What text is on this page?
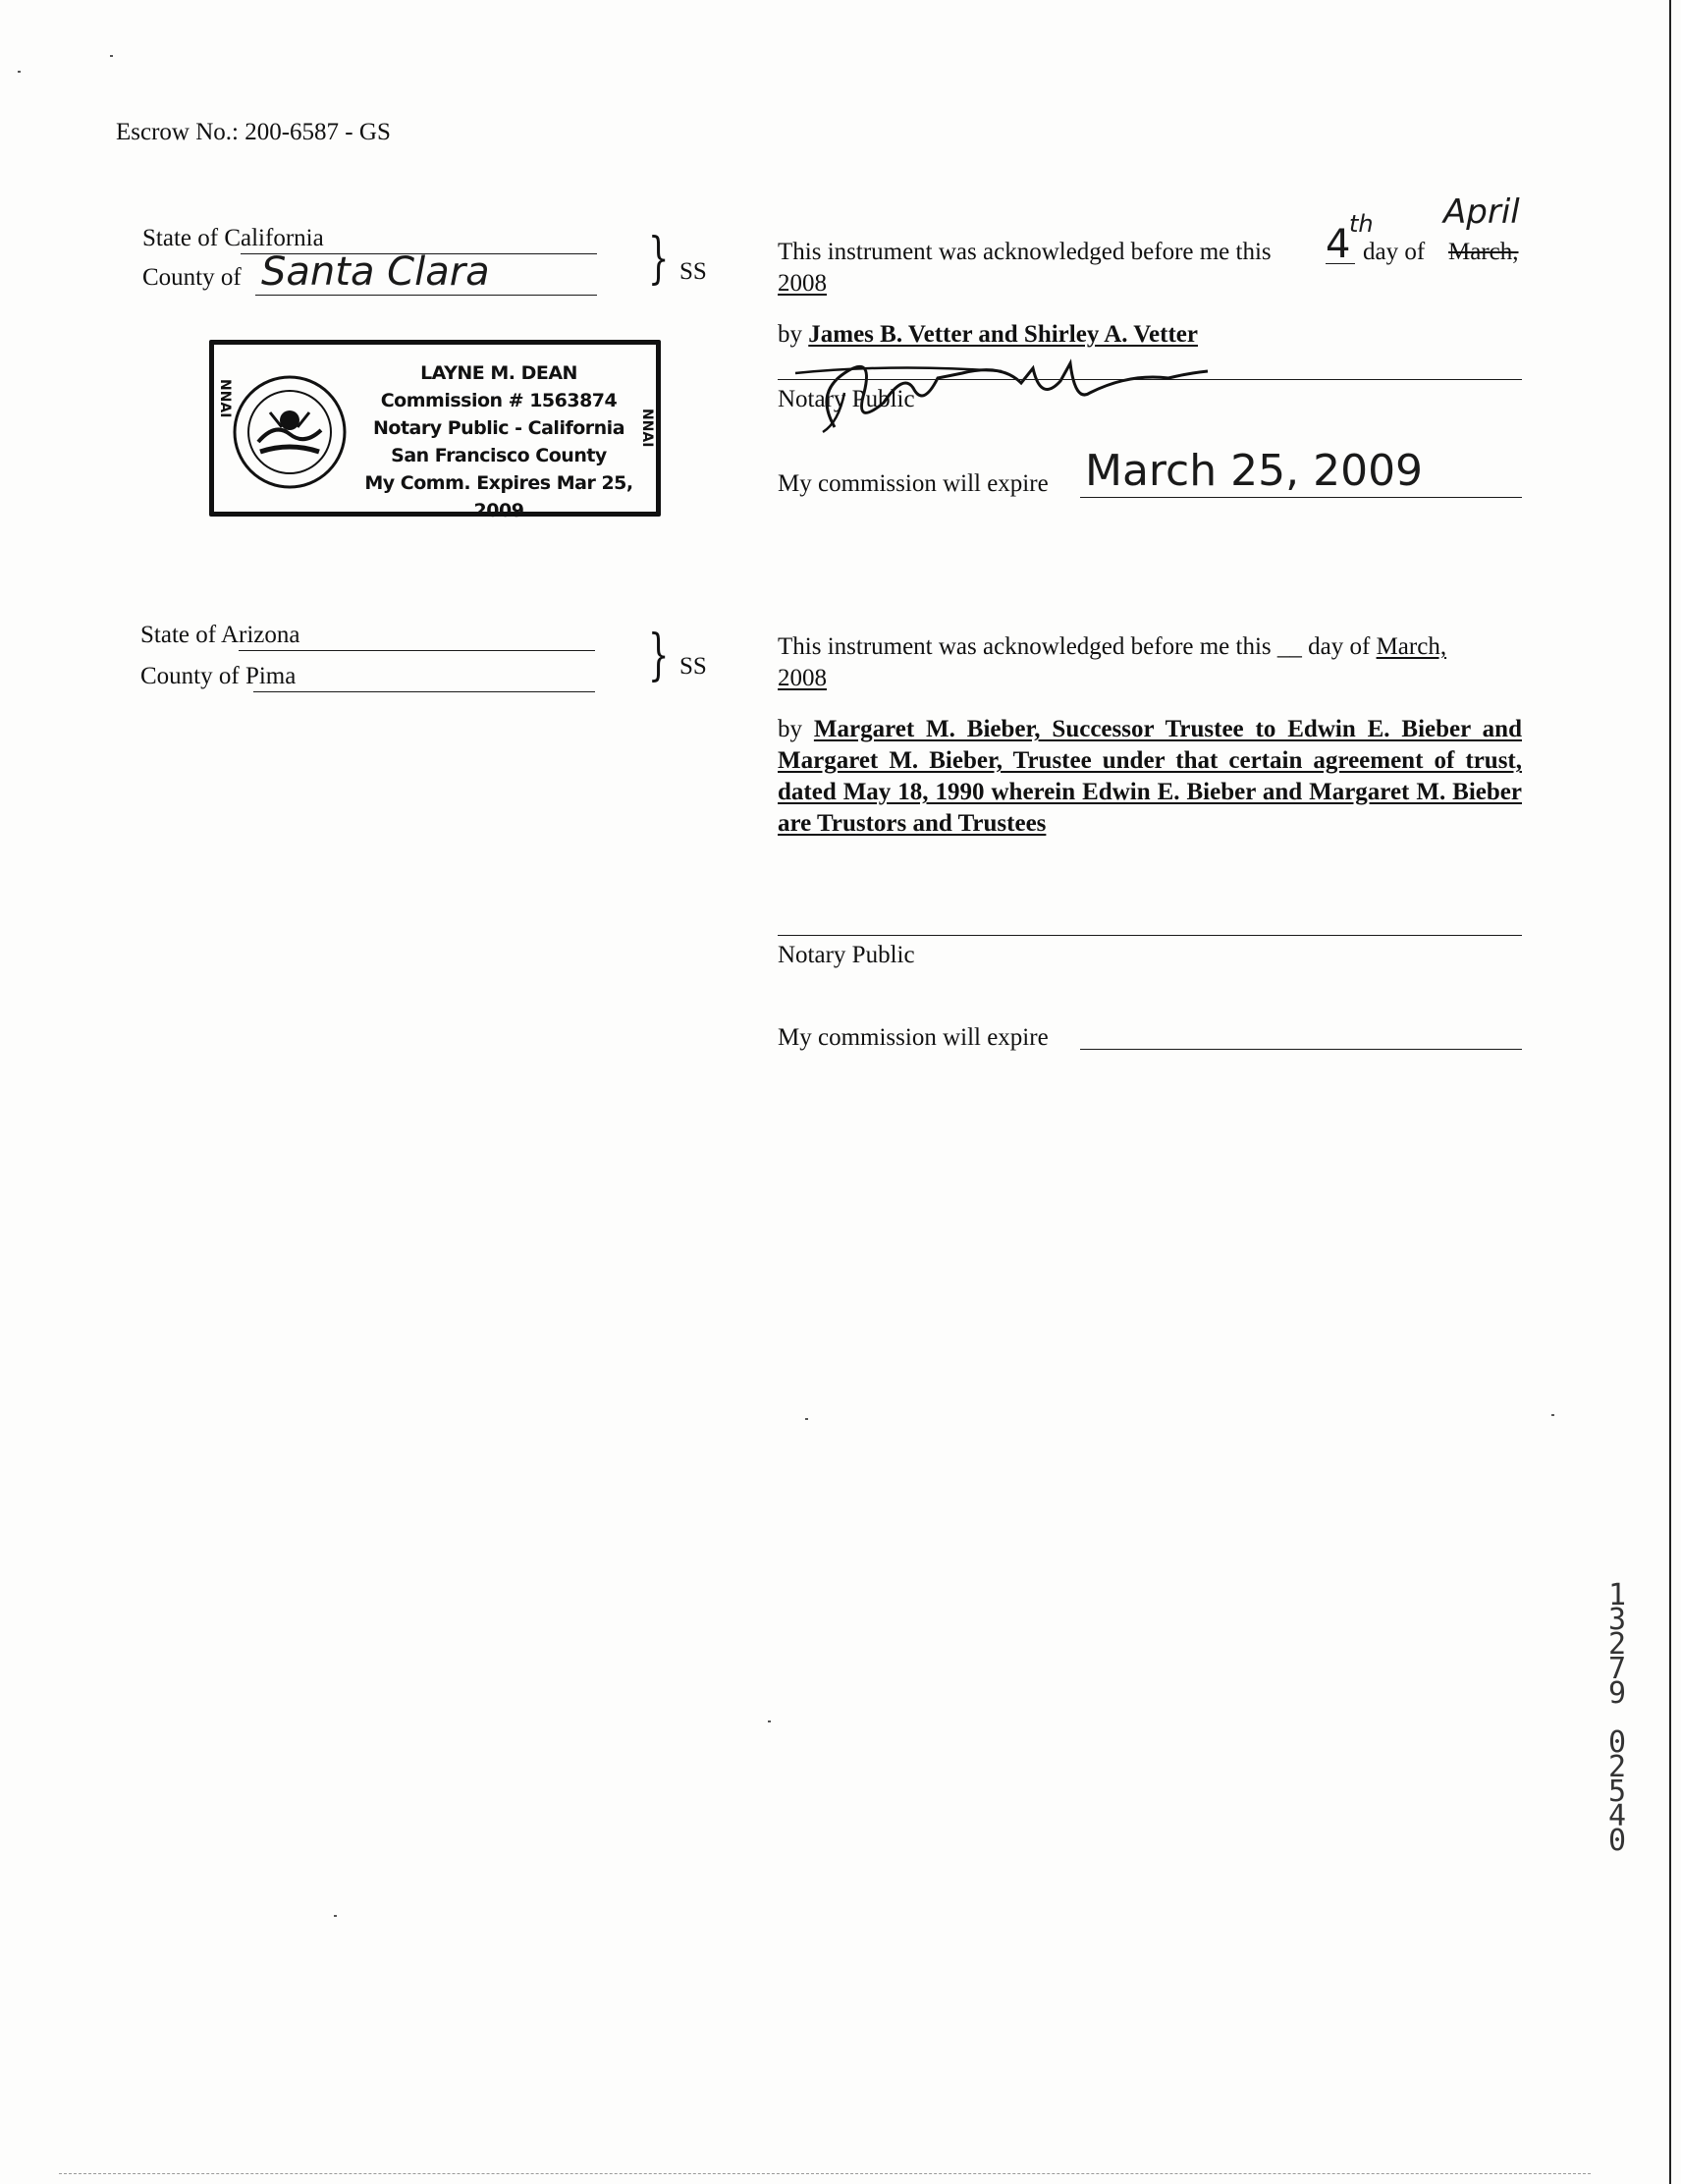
Escrow No.: 200-6587 - GS
State of California
County of Santa Clara	} SS
LAYNE M. DEAN
Commission # 1563874
Notary Public - California
San Francisco County
My Comm. Expires Mar 25, 2009
NNAI
NNAI
April
This instrument was acknowledged before me this 4
th
day of March,
2008
by James B. Vetter and Shirley A. Vetter
Notary Public
My commission will expire March 25, 2009
State of Arizona
County of Pima	} SS
This instrument was acknowledged before me this __ day of March,
2008
by Margaret M. Bieber, Successor Trustee to Edwin E. Bieber and Margaret M. Bieber, Trustee under that certain agreement of trust, dated May 18, 1990 wherein Edwin E. Bieber and Margaret M. Bieber are Trustors and Trustees
Notary Public
My commission will expire
1
3
2
7
9
0
2
5
4
0
